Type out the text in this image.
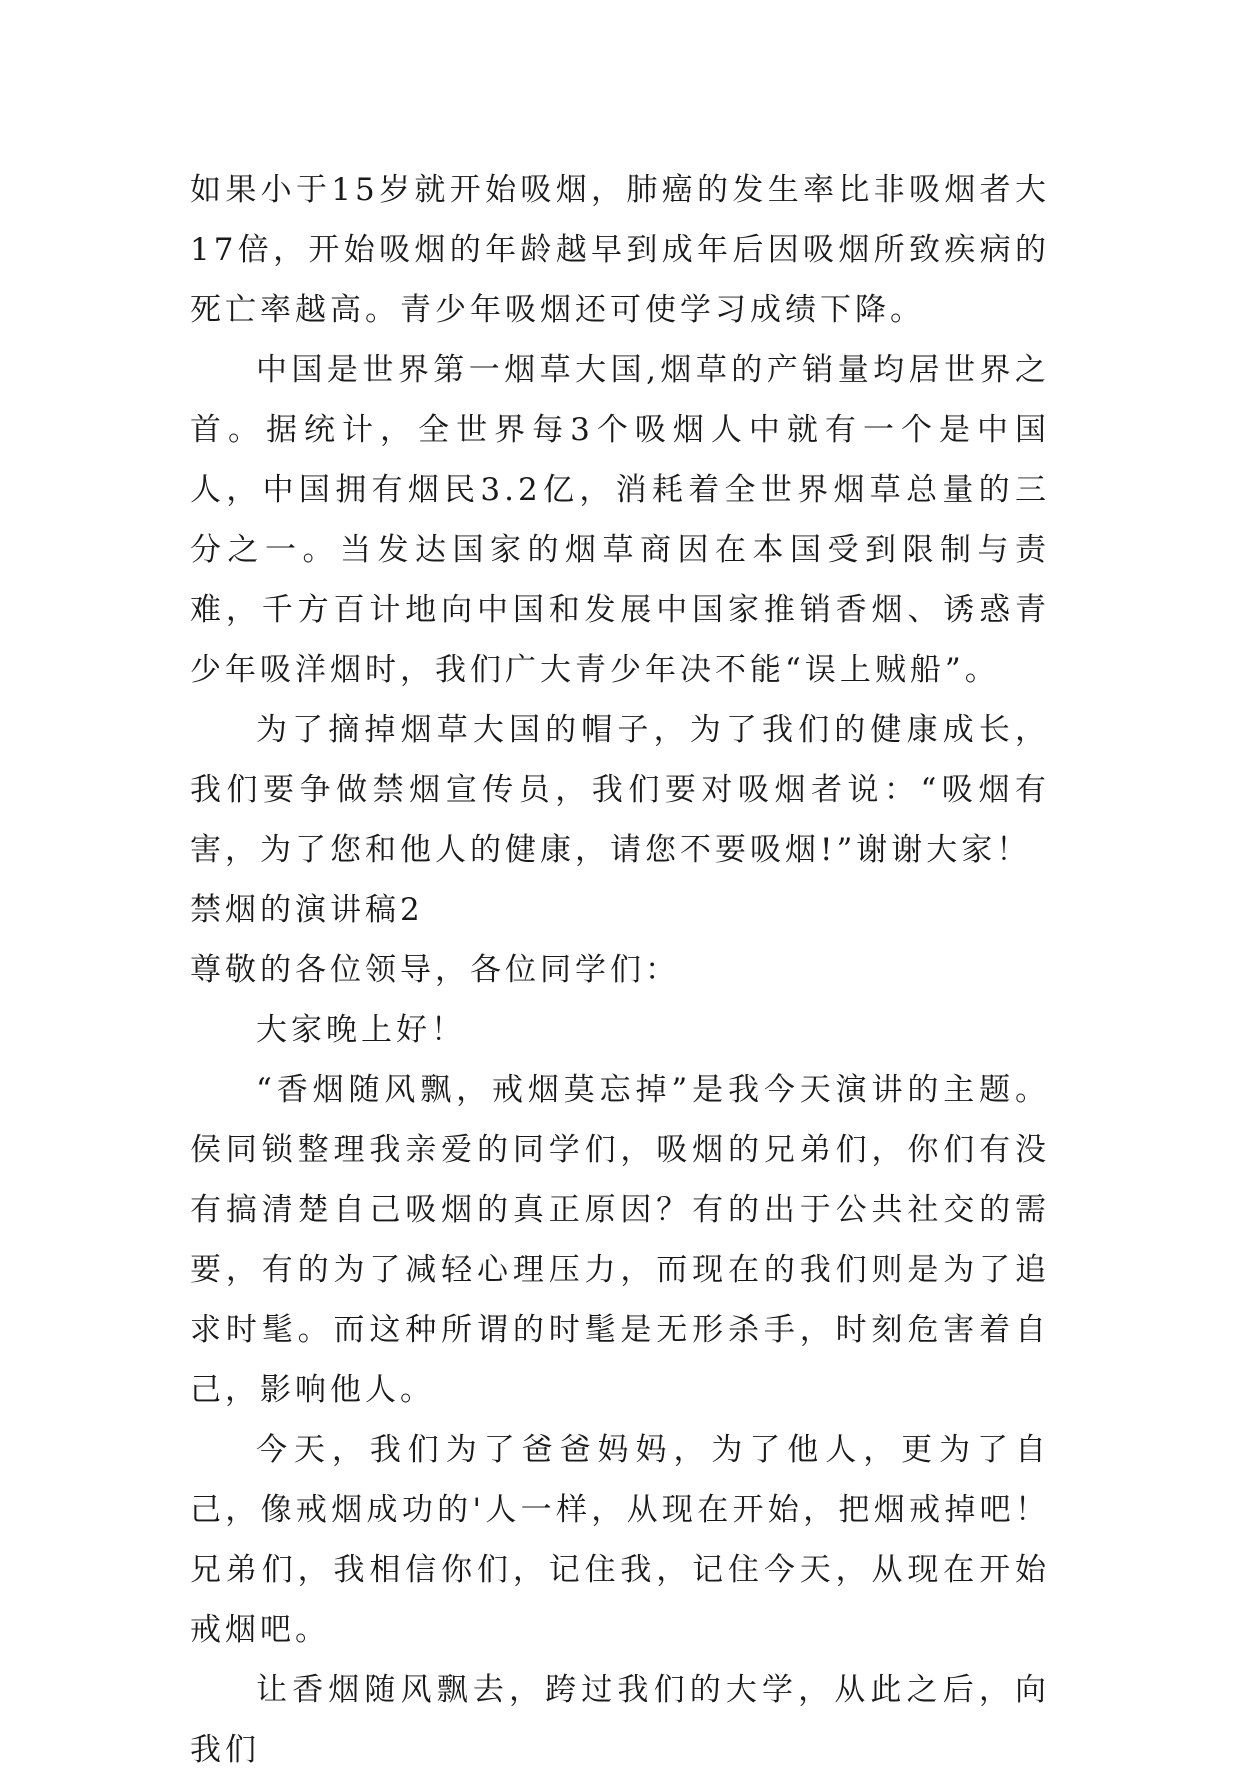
如果小于15岁就开始吸烟，肺癌的发生率比非吸烟者大17倍，开始吸烟的年龄越早到成年后因吸烟所致疾病的死亡率越高。青少年吸烟还可使学习成绩下降。

中国是世界第一烟草大国,烟草的产销量均居世界之首。据统计，全世界每3个吸烟人中就有一个是中国人，中国拥有烟民3.2亿，消耗着全世界烟草总量的三分之一。当发达国家的烟草商因在本国受到限制与责难，千方百计地向中国和发展中国家推销香烟、诱惑青少年吸洋烟时，我们广大青少年决不能“误上贼船”。

为了摘掉烟草大国的帽子，为了我们的健康成长，我们要争做禁烟宣传员，我们要对吸烟者说：“吸烟有害，为了您和他人的健康，请您不要吸烟!”谢谢大家！

禁烟的演讲稿2

尊敬的各位领导，各位同学们：

大家晚上好！

“香烟随风飘，戒烟莫忘掉”是我今天演讲的主题。侯同锁整理我亲爱的同学们，吸烟的兄弟们，你们有没有搞清楚自己吸烟的真正原因？有的出于公共社交的需要，有的为了减轻心理压力，而现在的我们则是为了追求时髦。而这种所谓的时髦是无形杀手，时刻危害着自己，影响他人。

今天，我们为了爸爸妈妈，为了他人，更为了自己，像戒烟成功的'人一样，从现在开始，把烟戒掉吧！兄弟们，我相信你们，记住我，记住今天，从现在开始戒烟吧。

让香烟随风飘去，跨过我们的大学，从此之后，向我们
